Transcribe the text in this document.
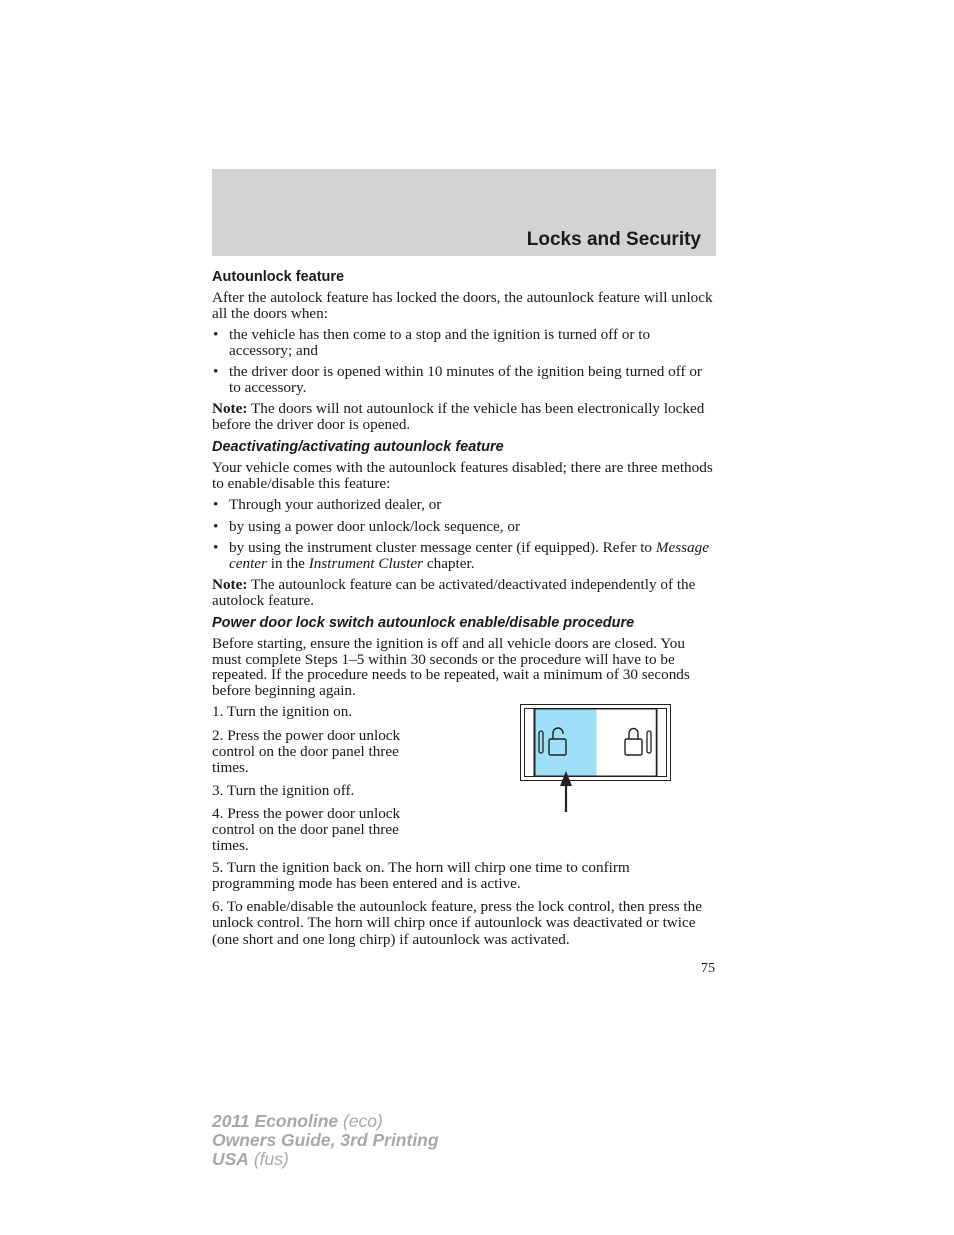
Locks and Security
Autounlock feature

After the autolock feature has locked the doors, the autounlock feature will unlock all the doors when:

• the vehicle has then come to a stop and the ignition is turned off or to accessory; and
• the driver door is opened within 10 minutes of the ignition being turned off or to accessory.

Note: The doors will not autounlock if the vehicle has been electronically locked before the driver door is opened.

Deactivating/activating autounlock feature

Your vehicle comes with the autounlock features disabled; there are three methods to enable/disable this feature:

• Through your authorized dealer, or
• by using a power door unlock/lock sequence, or
• by using the instrument cluster message center (if equipped). Refer to Message center in the Instrument Cluster chapter.

Note: The autounlock feature can be activated/deactivated independently of the autolock feature.

Power door lock switch autounlock enable/disable procedure

Before starting, ensure the ignition is off and all vehicle doors are closed. You must complete Steps 1–5 within 30 seconds or the procedure will have to be repeated. If the procedure needs to be repeated, wait a minimum of 30 seconds before beginning again.

1. Turn the ignition on.

2. Press the power door unlock control on the door panel three times.

3. Turn the ignition off.

4. Press the power door unlock control on the door panel three times.

5. Turn the ignition back on. The horn will chirp one time to confirm programming mode has been entered and is active.

6. To enable/disable the autounlock feature, press the lock control, then press the unlock control. The horn will chirp once if autounlock was deactivated or twice (one short and one long chirp) if autounlock was activated.

75
2011 Econoline (eco)
Owners Guide, 3rd Printing
USA (fus)
